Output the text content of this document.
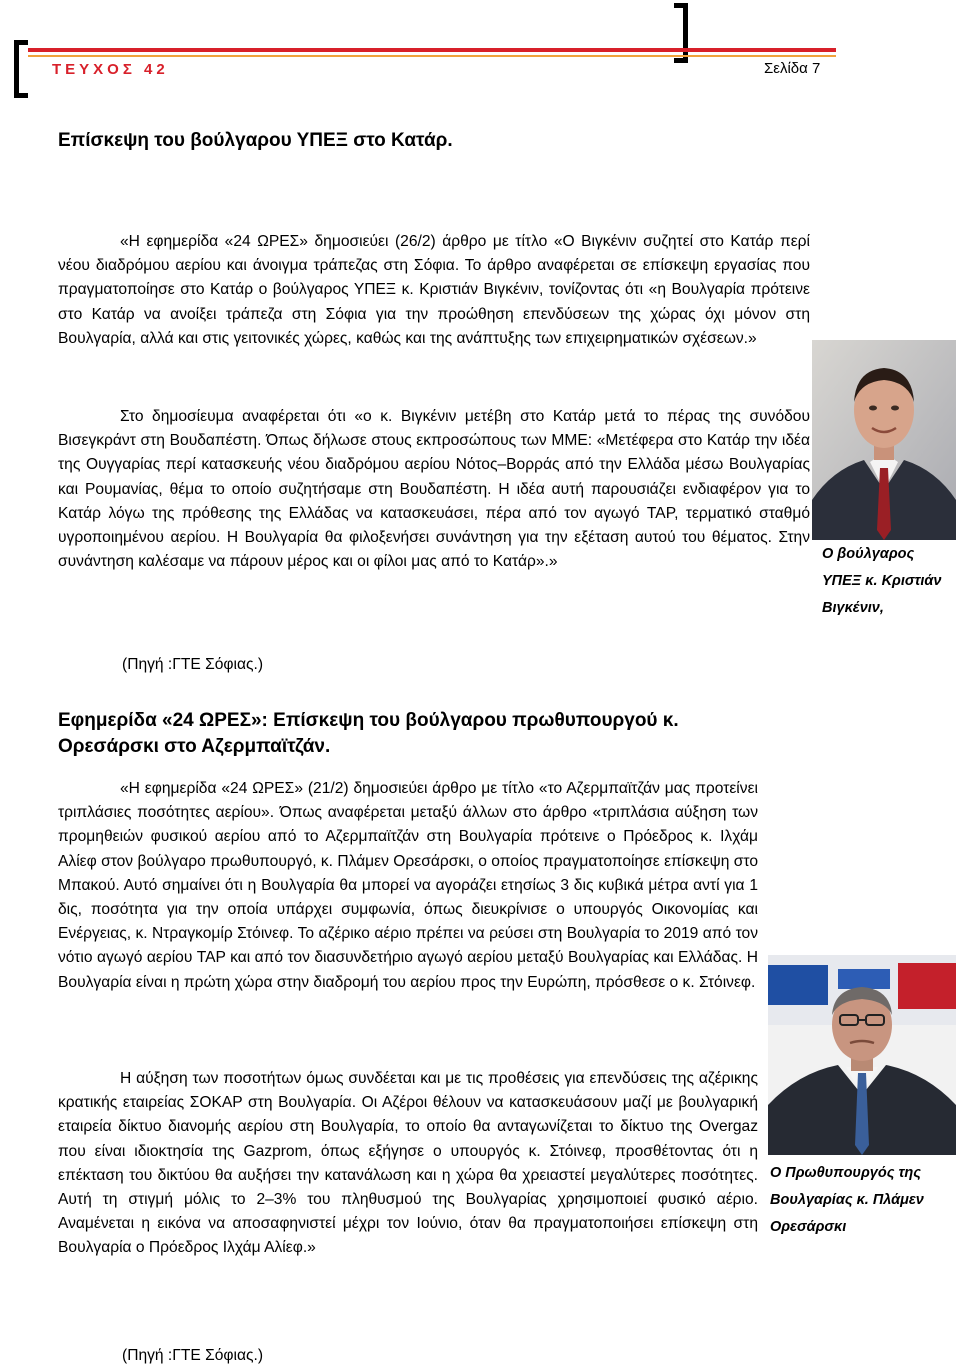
ΤΕΥΧΟΣ 42	Σελίδα 7
Επίσκεψη του βούλγαρου ΥΠΕΞ στο Κατάρ.

«Η εφημερίδα «24 ΩΡΕΣ» δημοσιεύει (26/2) άρθρο με τίτλο «Ο Βιγκένιν συζητεί στο Κατάρ περί νέου διαδρόμου αερίου και άνοιγμα τράπεζας στη Σόφια. Το άρθρο αναφέρεται σε επίσκεψη εργασίας που πραγματοποίησε στο Κατάρ ο βούλγαρος ΥΠΕΞ κ. Κριστιάν Βιγκένιν, τονίζοντας ότι «η Βουλγαρία πρότεινε στο Κατάρ να ανοίξει τράπεζα στη Σόφια για την προώθηση επενδύσεων της χώρας όχι μόνον στη Βουλγαρία, αλλά και στις γειτονικές χώρες, καθώς και της ανάπτυξης των επιχειρηματικών σχέσεων.»

Στο δημοσίευμα αναφέρεται ότι «ο κ. Βιγκένιν μετέβη στο Κατάρ μετά το πέρας της συνόδου Βισεγκράντ στη Βουδαπέστη. Όπως δήλωσε στους εκπροσώπους των ΜΜΕ: «Μετέφερα στο Κατάρ την ιδέα της Ουγγαρίας περί κατασκευής νέου διαδρόμου αερίου Νότος–Βορράς από την Ελλάδα μέσω Βουλγαρίας και Ρουμανίας, θέμα το οποίο συζητήσαμε στη Βουδαπέστη. Η ιδέα αυτή παρουσιάζει ενδιαφέρον για το Κατάρ λόγω της πρόθεσης της Ελλάδας να κατασκευάσει, πέρα από τον αγωγό TAP, τερματικό σταθμό υγροποιημένου αερίου. Η Βουλγαρία θα φιλοξενήσει συνάντηση για την εξέταση αυτού του θέματος. Στην συνάντηση καλέσαμε να πάρουν μέρος και οι φίλοι μας από το Κατάρ».»	Ο βούλγαρος ΥΠΕΞ κ. Κριστιάν Βιγκένιν,

(Πηγή :ΓΤΕ Σόφιας.)

Εφημερίδα «24 ΩΡΕΣ»: Επίσκεψη του βούλγαρου πρωθυπουργού κ. Ορεσάρσκι στο Αζερμπαϊτζάν.

«Η εφημερίδα «24 ΩΡΕΣ» (21/2) δημοσιεύει άρθρο με τίτλο «το Αζερμπαϊτζάν μας προτείνει τριπλάσιες ποσότητες αερίου». Όπως αναφέρεται μεταξύ άλλων στο άρθρο «τριπλάσια αύξηση των προμηθειών φυσικού αερίου από το Αζερμπαϊτζάν στη Βουλγαρία πρότεινε ο Πρόεδρος κ. Ιλχάμ Αλίεφ στον βούλγαρο πρωθυπουργό, κ. Πλάμεν Ορεσάρσκι, ο οποίος πραγματοποίησε επίσκεψη στο Μπακού. Αυτό σημαίνει ότι η Βουλγαρία θα μπορεί να αγοράζει ετησίως 3 δις κυβικά μέτρα αντί για 1 δις, ποσότητα για την οποία υπάρχει συμφωνία, όπως διευκρίνισε ο υπουργός Οικονομίας και Ενέργειας, κ. Ντραγκομίρ Στόινεφ. Το αζέρικο αέριο πρέπει να ρεύσει στη Βουλγαρία το 2019 από τον νότιο αγωγό αερίου TAP και από τον διασυνδετήριο αγωγό αερίου μεταξύ Βουλγαρίας και Ελλάδας. Η Βουλγαρία είναι η πρώτη χώρα στην διαδρομή του αερίου προς την Ευρώπη, πρόσθεσε ο κ. Στόινεφ.

Η αύξηση των ποσοτήτων όμως συνδέεται και με τις προθέσεις για επενδύσεις της αζέρικης κρατικής εταιρείας ΣΟΚΑΡ στη Βουλγαρία. Οι Αζέροι θέλουν να κατασκευάσουν μαζί με βουλγαρική εταιρεία δίκτυο διανομής αερίου στη Βουλγαρία, το οποίο θα ανταγωνίζεται το δίκτυο της Overgaz που είναι ιδιοκτησία της Gazprom, όπως εξήγησε ο υπουργός κ. Στόινεφ, προσθέτοντας ότι η επέκταση του δικτύου θα αυξήσει την κατανάλωση και η χώρα θα χρειαστεί μεγαλύτερες ποσότητες. Αυτή τη στιγμή μόλις το 2–3% του πληθυσμού της Βουλγαρίας χρησιμοποιεί φυσικό αέριο. Αναμένεται η εικόνα να αποσαφηνιστεί μέχρι τον Ιούνιο, όταν θα πραγματοποιήσει επίσκεψη στη Βουλγαρία ο Πρόεδρος Ιλχάμ Αλίεφ.»

Ο Πρωθυπουργός της Βουλγαρίας κ. Πλάμεν Ορεσάρσκι

(Πηγή :ΓΤΕ Σόφιας.)
